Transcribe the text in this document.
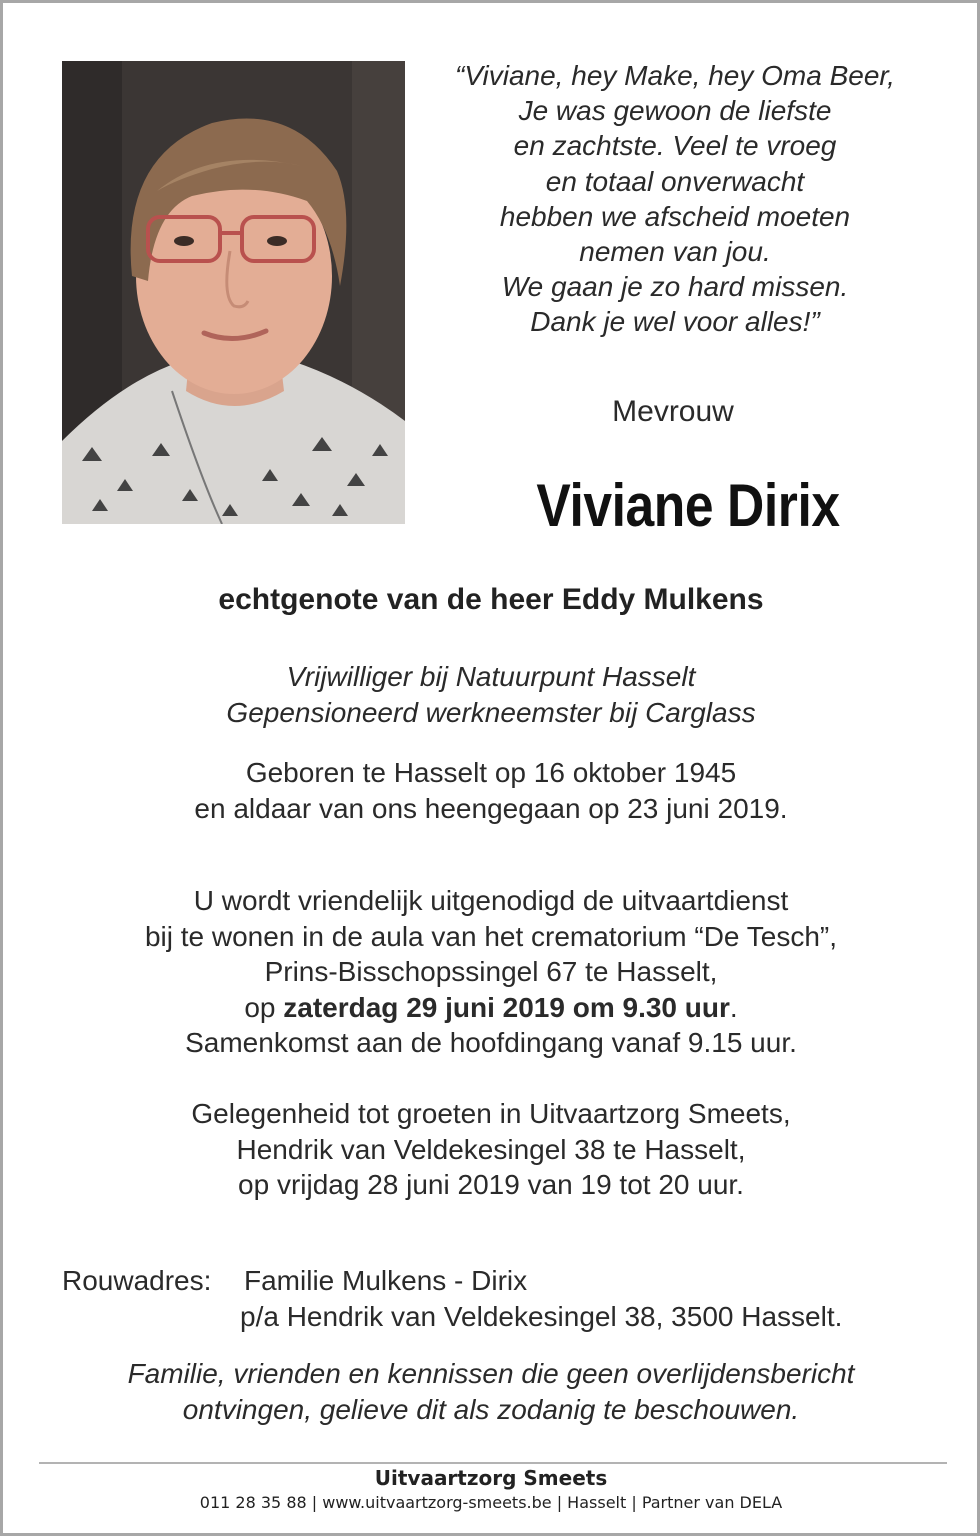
“Viviane, hey Make, hey Oma Beer,
Je was gewoon de liefste
en zachtste. Veel te vroeg
en totaal onverwacht
hebben we afscheid moeten
nemen van jou.
We gaan je zo hard missen.
Dank je wel voor alles!”
Mevrouw
Viviane Dirix
echtgenote van de heer Eddy Mulkens
Vrijwilliger bij Natuurpunt Hasselt
Gepensioneerd werkneemster bij Carglass
Geboren te Hasselt op 16 oktober 1945
en aldaar van ons heengegaan op 23 juni 2019.
U wordt vriendelijk uitgenodigd de uitvaartdienst
bij te wonen in de aula van het crematorium “De Tesch”,
Prins-Bisschopssingel 67 te Hasselt,
op zaterdag 29 juni 2019 om 9.30 uur.
Samenkomst aan de hoofdingang vanaf 9.15 uur.
Gelegenheid tot groeten in Uitvaartzorg Smeets,
Hendrik van Veldekesingel 38 te Hasselt,
op vrijdag 28 juni 2019 van 19 tot 20 uur.
Rouwadres: Familie Mulkens - Dirix
p/a Hendrik van Veldekesingel 38, 3500 Hasselt.
Familie, vrienden en kennissen die geen overlijdensbericht
ontvingen, gelieve dit als zodanig te beschouwen.
Uitvaartzorg Smeets
011 28 35 88 | www.uitvaartzorg-smeets.be | Hasselt | Partner van DELA
